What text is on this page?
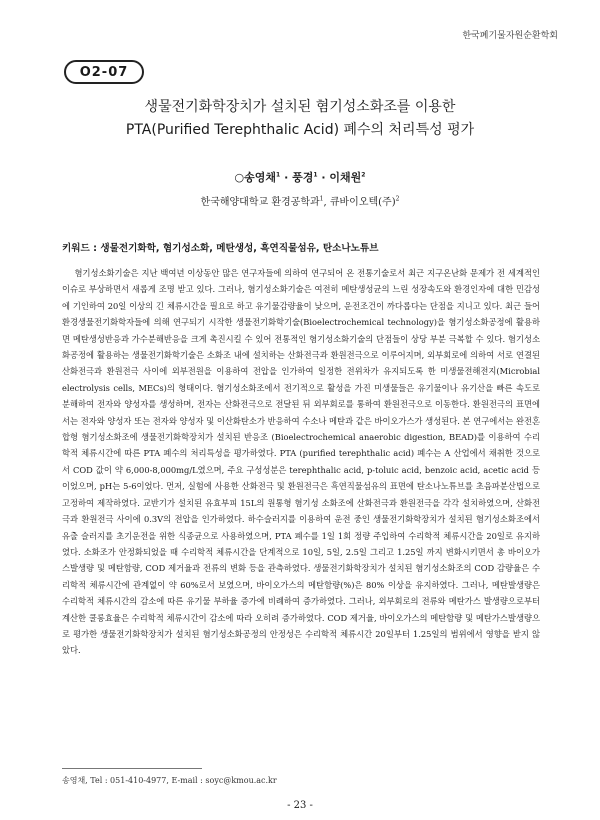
한국폐기물자원순환학회
O2-07
생물전기화학장치가 설치된 혐기성소화조를 이용한
PTA(Purified Terephthalic Acid) 폐수의 처리특성 평가
○송영채$^1$ · 풍경$^1$ · 이채원$^2$
한국해양대학교 환경공학과$^1$, 큐바이오텍(주)$^2$
키워드 : 생물전기화학, 혐기성소화, 메탄생성, 흑연직물섬유, 탄소나노튜브

혐기성소화기술은 지난 백여년 이상동안 많은 연구자들에 의하여 연구되어 온 전통기술로서 최근 지구온난화 문제가 전 세계적인 이슈로 부상하면서 새롭게 조명 받고 있다. 그러나, 혐기성소화기술은 여전히 메탄생성균의 느린 성장속도와 환경인자에 대한 민감성에 기인하여 20일 이상의 긴 체류시간을 필요로 하고 유기물감량율이 낮으며, 운전조건이 까다롭다는 단점을 지니고 있다. 최근 들어 환경생물전기화학자들에 의해 연구되기 시작한 생물전기화학기술(Bioelectrochemical technology)을 혐기성소화공정에 활용하면 메탄생성반응과 가수분해반응을 크게 촉진시킬 수 있어 전통적인 혐기성소화기술의 단점들이 상당 부분 극복할 수 있다. 혐기성소화공정에 활용하는 생물전기화학기술은 소화조 내에 설치하는 산화전극과 환원전극으로 이루어지며, 외부회로에 의하여 서로 연결된 산화전극과 환원전극 사이에 외부전원을 이용하여 전압을 인가하여 일정한 전위차가 유지되도록 한 미생물전해전지(Microbial electrolysis cells, MECs)의 형태이다. 혐기성소화조에서 전기적으로 활성을 가진 미생물들은 유기물이나 유기산을 빠른 속도로 분해하여 전자와 양성자를 생성하며, 전자는 산화전극으로 전달된 뒤 외부회로를 통하여 환원전극으로 이동한다. 환원전극의 표면에서는 전자와 양성자 또는 전자와 양성자 및 이산화탄소가 반응하여 수소나 메탄과 같은 바이오가스가 생성된다. 본 연구에서는 완전혼합형 혐기성소화조에 생물전기화학장치가 설치된 반응조 (Bioelectrochemical anaerobic digestion, BEAD)를 이용하여 수리학적 체류시간에 따른 PTA 폐수의 처리특성을 평가하였다. PTA (purified terephthalic acid) 폐수는 A 산업에서 채취한 것으로서 COD 값이 약 6,000-8,000mg/L였으며, 주요 구성성분은 terephthalic acid, p-toluic acid, benzoic acid, acetic acid 등이었으며, pH는 5-6이었다. 먼저, 실험에 사용한 산화전극 및 환원전극은 흑연직물섬유의 표면에 탄소나노튜브를 초음파분산법으로 고정하여 제작하였다. 교반기가 설치된 유효부피 15L의 원통형 혐기성 소화조에 산화전극과 환원전극을 각각 설치하였으며, 산화전극과 환원전극 사이에 0.3V의 전압을 인가하였다. 하수슬러지를 이용하여 운전 중인 생물전기화학장치가 설치된 혐기성소화조에서 유출 슬러지를 초기운전을 위한 식종균으로 사용하였으며, PTA 폐수를 1일 1회 정량 주입하여 수리학적 체류시간을 20일로 유지하였다. 소화조가 안정화되었을 때 수리학적 체류시간을 단계적으로 10일, 5일, 2.5일 그리고 1.25일 까지 변화시키면서 총 바이오가스발생량 및 메탄함량, COD 제거율과 전류의 변화 등을 관측하였다. 생물전기화학장치가 설치된 혐기성소화조의 COD 감량율은 수리학적 체류시간에 관계없이 약 60%로서 보였으며, 바이오가스의 메탄함량(%)은 80% 이상을 유지하였다. 그러나, 메탄발생량은 수리학적 체류시간의 감소에 따른 유기물 부하율 증가에 비례하여 증가하였다. 그러나, 외부회로의 전류와 메탄가스 발생량으로부터 계산한 쿨롱효율은 수리학적 체류시간이 감소에 따라 오히려 증가하였다. COD 제거율, 바이오가스의 메탄함량 및 메탄가스발생량으로 평가한 생물전기화학장치가 설치된 혐기성소화공정의 안정성은 수리학적 체류시간 20일부터 1.25일의 범위에서 영향을 받지 않았다.

송영채, Tel : 051-410-4977, E-mail : soyc@kmou.ac.kr
- 23 -
